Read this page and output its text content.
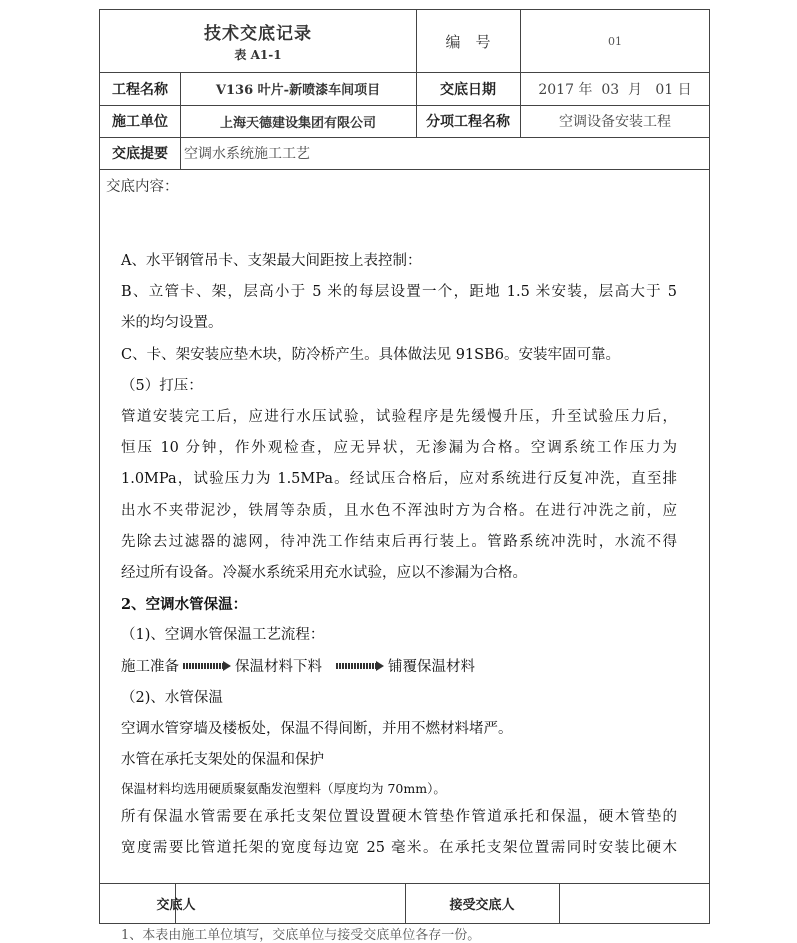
技术交底记录
表 A1-1
编　号	01
工程名称	V136 叶片-新喷漆车间项目	交底日期	2017 年  03  月   01 日
施工单位	上海天德建设集团有限公司	分项工程名称	空调设备安装工程
交底提要	空调水系统施工工艺
交底内容：
交底人	接受交底人
A、水平钢管吊卡、支架最大间距按上表控制：
B、立管卡、架，层高小于 5 米的每层设置一个，距地 1.5 米安装，层高大于 5
米的均匀设置。
C、卡、架安装应垫木块，防冷桥产生。具体做法见 91SB6。安装牢固可靠。
（5）打压：
管道安装完工后，应进行水压试验，试验程序是先缓慢升压，升至试验压力后，
恒压 10 分钟，作外观检查，应无异状，无渗漏为合格。空调系统工作压力为
1.0MPa，试验压力为 1.5MPa。经试压合格后，应对系统进行反复冲洗，直至排
出水不夹带泥沙，铁屑等杂质，且水色不浑浊时方为合格。在进行冲洗之前，应
先除去过滤器的滤网，待冲洗工作结束后再行装上。管路系统冲洗时，水流不得
经过所有设备。冷凝水系统采用充水试验，应以不渗漏为合格。
2、空调水管保温：
（1)、空调水管保温工艺流程：
施工准备	保温材料下料	铺覆保温材料
（2)、水管保温
空调水管穿墙及楼板处，保温不得间断，并用不燃材料堵严。
水管在承托支架处的保温和保护
保温材料均选用硬质聚氨酯发泡塑料（厚度均为 70mm）。
所有保温水管需要在承托支架位置设置硬木管垫作管道承托和保温，硬木管垫的
宽度需要比管道托架的宽度每边宽 25 毫米。在承托支架位置需同时安装比硬木
1、本表由施工单位填写，交底单位与接受交底单位各存一份。
